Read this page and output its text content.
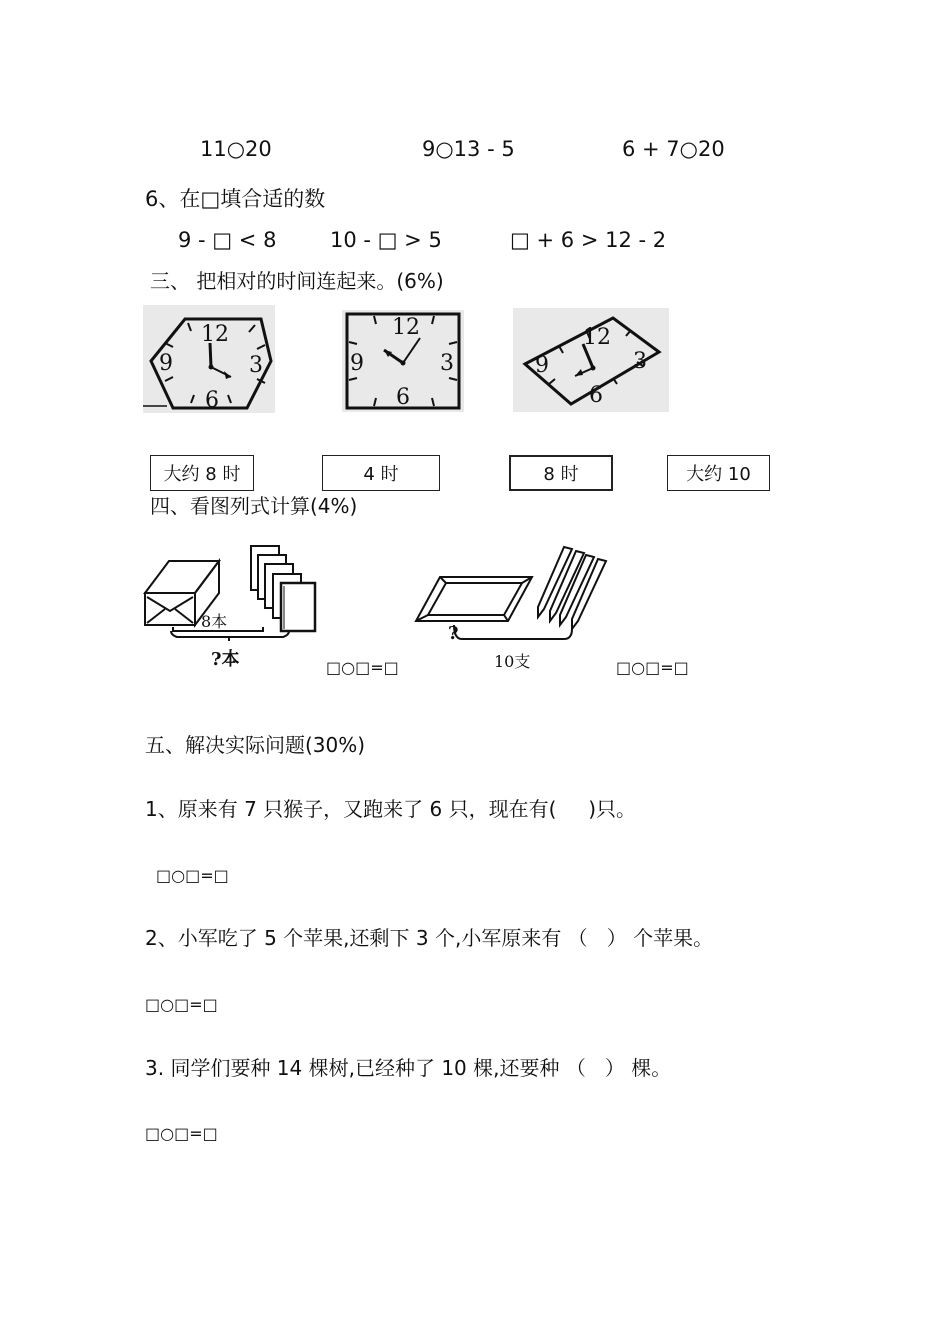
11○20	9○13 - 5	6 + 7○20
6、在□填合适的数
9 - □ < 8	10 - □ > 5	□ + 6 > 12 - 2
三、 把相对的时间连起来。(6%)
12
3
6
9
12
3
6
9
12
3
6
9
大约 8 时	4 时	8 时	大约 10
四、看图列式计算(4%)
8本
?本	□○□=□
?
10支	□○□=□
五、解决实际问题(30%)
1、原来有 7 只猴子，又跑来了 6 只，现在有(     )只。
□○□=□
2、小军吃了 5 个苹果,还剩下 3 个,小军原来有 （   ） 个苹果。
□○□=□
3. 同学们要种 14 棵树,已经种了 10 棵,还要种 （   ） 棵。
□○□=□
